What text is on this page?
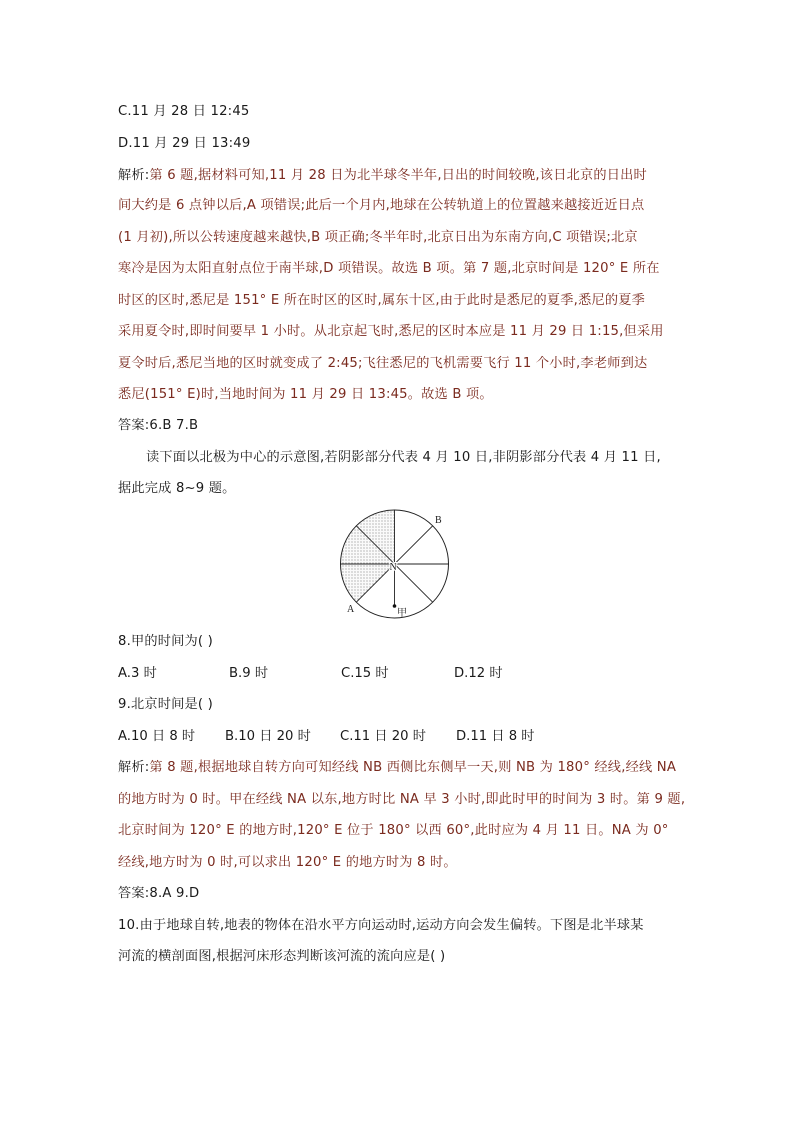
C.11 月 28 日 12:45
D.11 月 29 日 13:49
解析:第 6 题,据材料可知,11 月 28 日为北半球冬半年,日出的时间较晚,该日北京的日出时
间大约是 6 点钟以后,A 项错误;此后一个月内,地球在公转轨道上的位置越来越接近近日点
(1 月初),所以公转速度越来越快,B 项正确;冬半年时,北京日出为东南方向,C 项错误;北京
寒冷是因为太阳直射点位于南半球,D 项错误。故选 B 项。第 7 题,北京时间是 120° E 所在
时区的区时,悉尼是 151° E 所在时区的区时,属东十区,由于此时是悉尼的夏季,悉尼的夏季
采用夏令时,即时间要早 1 小时。从北京起飞时,悉尼的区时本应是 11 月 29 日 1:15,但采用
夏令时后,悉尼当地的区时就变成了 2:45;飞往悉尼的飞机需要飞行 11 个小时,李老师到达
悉尼(151° E)时,当地时间为 11 月 29 日 13:45。故选 B 项。
答案:6.B 7.B
读下面以北极为中心的示意图,若阴影部分代表 4 月 10 日,非阴影部分代表 4 月 11 日,
据此完成 8~9 题。
B
N
A	甲
8.甲的时间为( )
A.3 时	B.9 时	C.15 时	D.12 时
9.北京时间是( )
A.10 日 8 时 B.10 日 20 时 C.11 日 20 时 D.11 日 8 时
解析:第 8 题,根据地球自转方向可知经线 NB 西侧比东侧早一天,则 NB 为 180° 经线,经线 NA
的地方时为 0 时。甲在经线 NA 以东,地方时比 NA 早 3 小时,即此时甲的时间为 3 时。第 9 题,
北京时间为 120° E 的地方时,120° E 位于 180° 以西 60°,此时应为 4 月 11 日。NA 为 0°
经线,地方时为 0 时,可以求出 120° E 的地方时为 8 时。
答案:8.A 9.D
10.由于地球自转,地表的物体在沿水平方向运动时,运动方向会发生偏转。下图是北半球某
河流的横剖面图,根据河床形态判断该河流的流向应是( )
